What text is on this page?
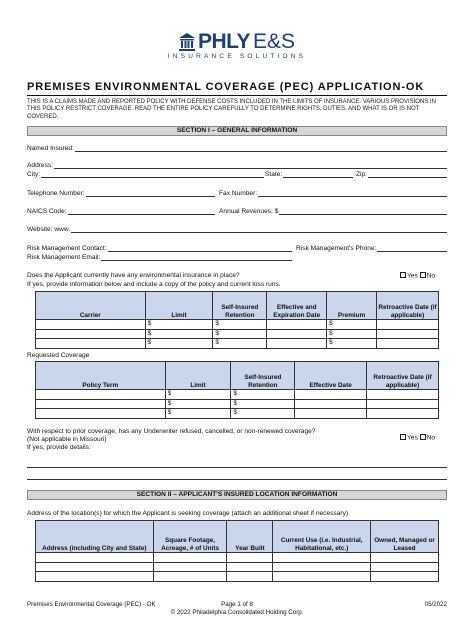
PHLY E&S
INSURANCE SOLUTIONS
PREMISES ENVIRONMENTAL COVERAGE (PEC) APPLICATION-OK
THIS IS A CLAIMS MADE AND REPORTED POLICY WITH DEFENSE COSTS INCLUDED IN THE LIMITS OF INSURANCE. VARIOUS PROVISIONS IN THIS POLICY RESTRICT COVERAGE. READ THE ENTIRE POLICY CAREFULLY TO DETERMINE RIGHTS, DUTIES, AND WHAT IS OR IS NOT COVERED.
SECTION I – GENERAL INFORMATION
Named Insured:
Address:
City:	State:	Zip:
Telephone Number:	Fax Number:
NAICS Code:	Annual Revenues: $
Website: www.
Risk Management Contact:	Risk Management's Phone:
Risk Management Email:
Does the Applicant currently have any environmental insurance in place?	Yes No
If yes, provide information below and include a copy of the policy and current loss runs.
Carrier	Limit	Self-Insured Retention	Effective and Expiration Date	Premium	Retroactive Date (if applicable)
	$	$		$	
	$	$		$	
	$	$		$	
Requested Coverage
Policy Term	Limit	Self-Insured Retention	Effective Date	Retroactive Date (if applicable)
	$	$		
	$	$		
	$	$		
With respect to prior coverage, has any Underwriter refused, cancelled, or non-renewed coverage?
(Not applicable in Missouri)	Yes No
If yes, provide details:
SECTION II – APPLICANT'S INSURED LOCATION INFORMATION
Address of the location(s) for which the Applicant is seeking coverage (attach an additional sheet if necessary)
Address (including City and State)	Square Footage, Acreage, # of Units	Year Built	Current Use (i.e. Industrial, Habitational, etc.)	Owned, Managed or Leased

Premises Environmental Coverage (PEC) - OK	Page 1 of 8
© 2022 Philadelphia Consolidated Holding Corp.
05/2022
